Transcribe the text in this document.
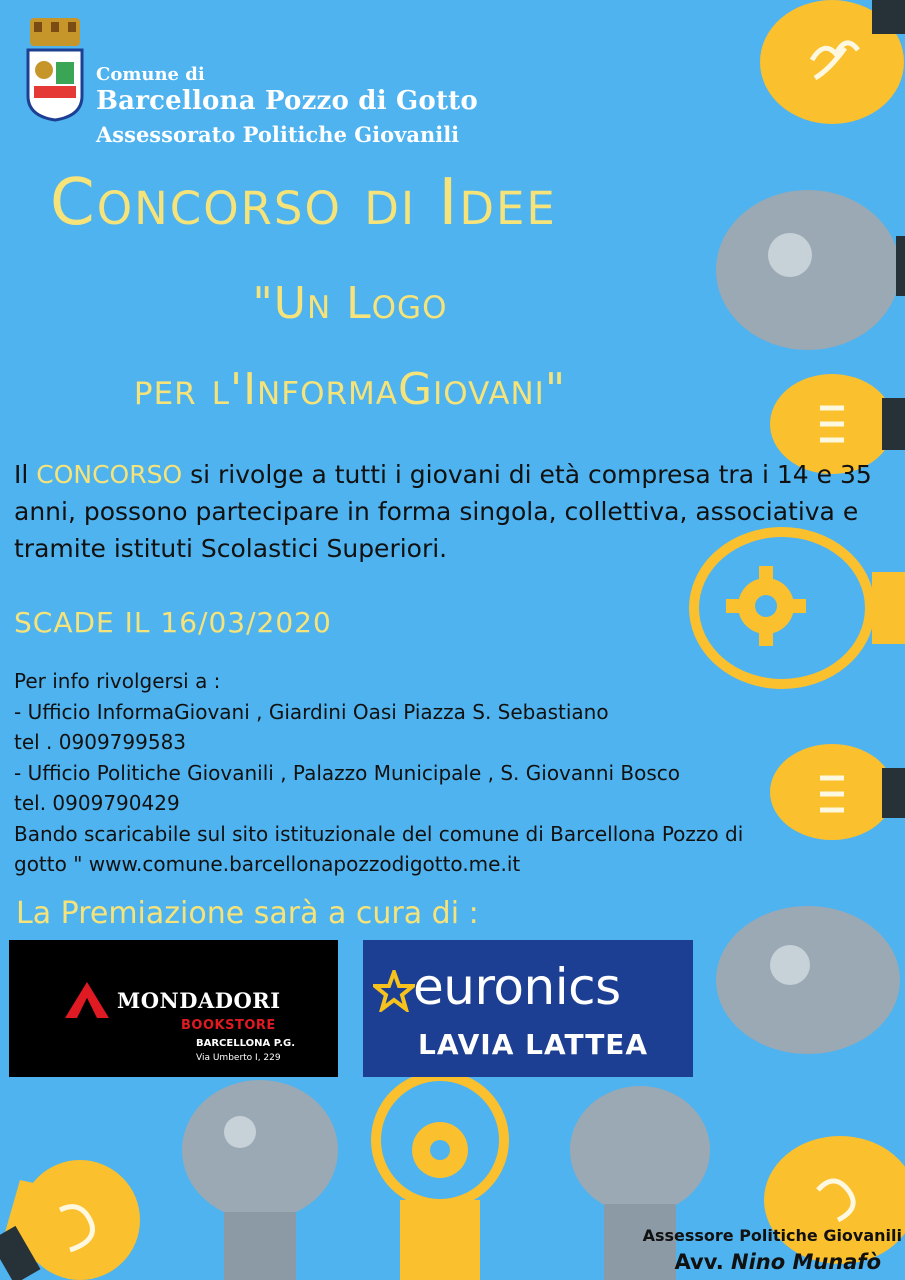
Comune di
Barcellona Pozzo di Gotto
Assessorato Politiche Giovanili
Concorso di Idee
"Un Logo
per l'InformaGiovani"
Il CONCORSO si rivolge a tutti i giovani di età compresa tra i 14 e 35 anni, possono partecipare in forma singola, collettiva, associativa e tramite istituti Scolastici Superiori.
SCADE IL 16/03/2020
Per info rivolgersi a :
- Ufficio InformaGiovani , Giardini Oasi Piazza S. Sebastiano
tel . 0909799583
- Ufficio Politiche Giovanili , Palazzo Municipale , S. Giovanni Bosco
tel. 0909790429
Bando scaricabile sul sito istituzionale del comune di Barcellona Pozzo di
gotto " www.comune.barcellonapozzodigotto.me.it
La Premiazione sarà a cura di :
MONDADORI
BOOKSTORE
BARCELLONA P.G.
Via Umberto I, 229
euronics
LAVIA LATTEA
Assessore Politiche Giovanili
Avv. Nino Munafò
